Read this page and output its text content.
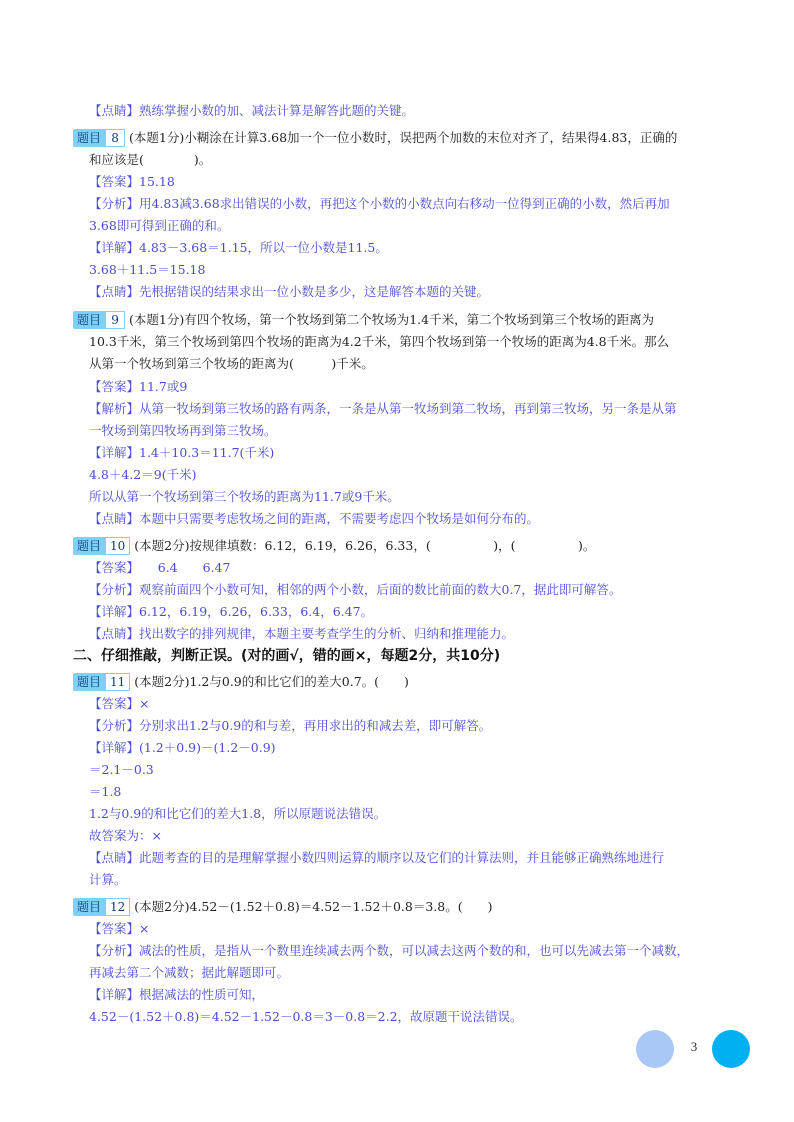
【点睛】熟练掌握小数的加、减法计算是解答此题的关键。
题目 8 (本题1分)小糊涂在计算3.68加一个一位小数时，误把两个加数的末位对齐了，结果得4.83，正确的
和应该是(　　　　)。
【答案】15.18
【分析】用4.83减3.68求出错误的小数，再把这个小数的小数点向右移动一位得到正确的小数，然后再加
3.68即可得到正确的和。
【详解】4.83－3.68＝1.15，所以一位小数是11.5。
3.68＋11.5＝15.18
【点睛】先根据错误的结果求出一位小数是多少，这是解答本题的关键。
题目 9 (本题1分)有四个牧场，第一个牧场到第二个牧场为1.4千米，第二个牧场到第三个牧场的距离为
10.3千米，第三个牧场到第四个牧场的距离为4.2千米，第四个牧场到第一个牧场的距离为4.8千米。那么
从第一个牧场到第三个牧场的距离为(　　　)千米。
【答案】11.7或9
【解析】从第一牧场到第三牧场的路有两条，一条是从第一牧场到第二牧场，再到第三牧场，另一条是从第
一牧场到第四牧场再到第三牧场。
【详解】1.4＋10.3＝11.7(千米)
4.8＋4.2＝9(千米)
所以从第一个牧场到第三个牧场的距离为11.7或9千米。
【点睛】本题中只需要考虑牧场之间的距离，不需要考虑四个牧场是如何分布的。
题目 10 (本题2分)按规律填数：6.12，6.19，6.26，6.33，(　　　　　)，(　　　　　)。
【答案】　　6.4　　6.47
【分析】观察前面四个小数可知，相邻的两个小数，后面的数比前面的数大0.7，据此即可解答。
【详解】6.12，6.19，6.26，6.33，6.4，6.47。
【点睛】找出数字的排列规律，本题主要考查学生的分析、归纳和推理能力。
二、仔细推敲，判断正误。(对的画√，错的画×，每题2分，共10分)
题目 11 (本题2分)1.2与0.9的和比它们的差大0.7。(　　)
【答案】×
【分析】分别求出1.2与0.9的和与差，再用求出的和减去差，即可解答。
【详解】(1.2＋0.9)－(1.2－0.9)
＝2.1－0.3
＝1.8
1.2与0.9的和比它们的差大1.8，所以原题说法错误。
故答案为：×
【点睛】此题考查的目的是理解掌握小数四则运算的顺序以及它们的计算法则，并且能够正确熟练地进行
计算。
题目 12 (本题2分)4.52－(1.52＋0.8)＝4.52－1.52＋0.8＝3.8。(　　)
【答案】×
【分析】减法的性质，是指从一个数里连续减去两个数，可以减去这两个数的和，也可以先减去第一个减数，
再减去第二个减数；据此解题即可。
【详解】根据减法的性质可知，
4.52－(1.52＋0.8)＝4.52－1.52－0.8＝3－0.8＝2.2，故原题干说法错误。
3
